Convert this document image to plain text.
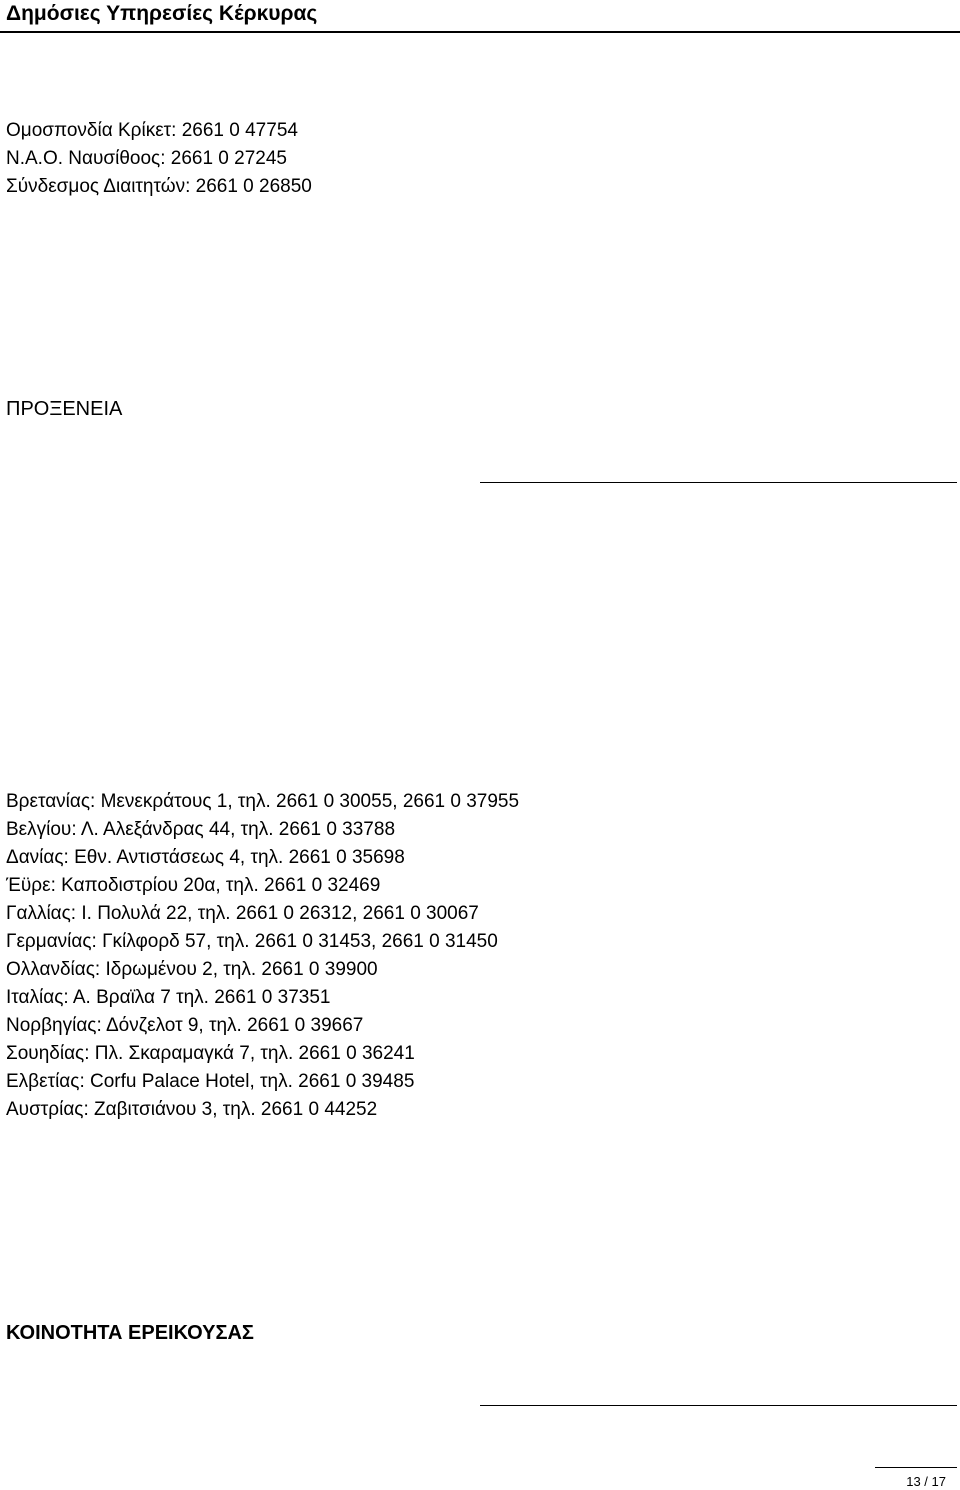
Δημόσιες Υπηρεσίες Κέρκυρας
Ομοσπονδία Κρίκετ: 2661 0 47754
Ν.Α.Ο. Ναυσίθοος: 2661 0 27245
Σύνδεσμος Διαιτητών: 2661 0 26850
ΠΡΟΞΕΝΕΙΑ
Βρετανίας: Μενεκράτους 1, τηλ. 2661 0 30055, 2661 0 37955
Βελγίου: Λ. Αλεξάνδρας 44, τηλ. 2661 0 33788
Δανίας: Εθν. Αντιστάσεως 4, τηλ. 2661 0 35698
Έϋρε: Καποδιστρίου 20α, τηλ. 2661 0 32469
Γαλλίας: Ι. Πολυλά 22, τηλ. 2661 0 26312, 2661 0 30067
Γερμανίας: Γκίλφορδ 57, τηλ. 2661 0 31453, 2661 0 31450
Ολλανδίας: Ιδρωμένου 2, τηλ. 2661 0 39900
Ιταλίας: Α. Βραϊλα 7 τηλ. 2661 0 37351
Νορβηγίας: Δόνζελοτ 9, τηλ. 2661 0 39667
Σουηδίας: Πλ. Σκαραμαγκά 7, τηλ. 2661 0 36241
Ελβετίας: Corfu Palace Hotel, τηλ. 2661 0 39485
Αυστρίας: Ζαβιτσιάνου 3, τηλ. 2661 0 44252
ΚΟΙΝΟΤΗΤΑ ΕΡΕΙΚΟΥΣΑΣ
13 / 17
